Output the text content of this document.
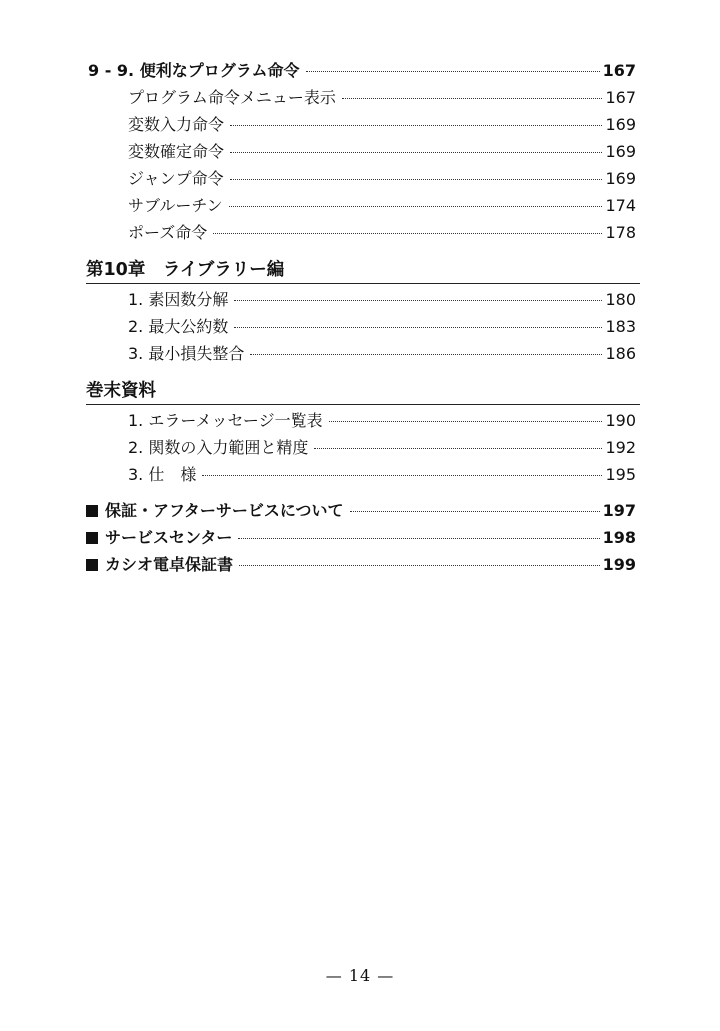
9 - 9. 便利なプログラム命令	167
プログラム命令メニュー表示	167
変数入力命令	169
変数確定命令	169
ジャンプ命令	169
サブルーチン	174
ポーズ命令	178
第10章　ライブラリー編
1. 素因数分解	180
2. 最大公約数	183
3. 最小損失整合	186
巻末資料
1. エラーメッセージ一覧表	190
2. 関数の入力範囲と精度	192
3. 仕　様	195
保証・アフターサービスについて	197
サービスセンター	198
カシオ電卓保証書	199
— 14 —
